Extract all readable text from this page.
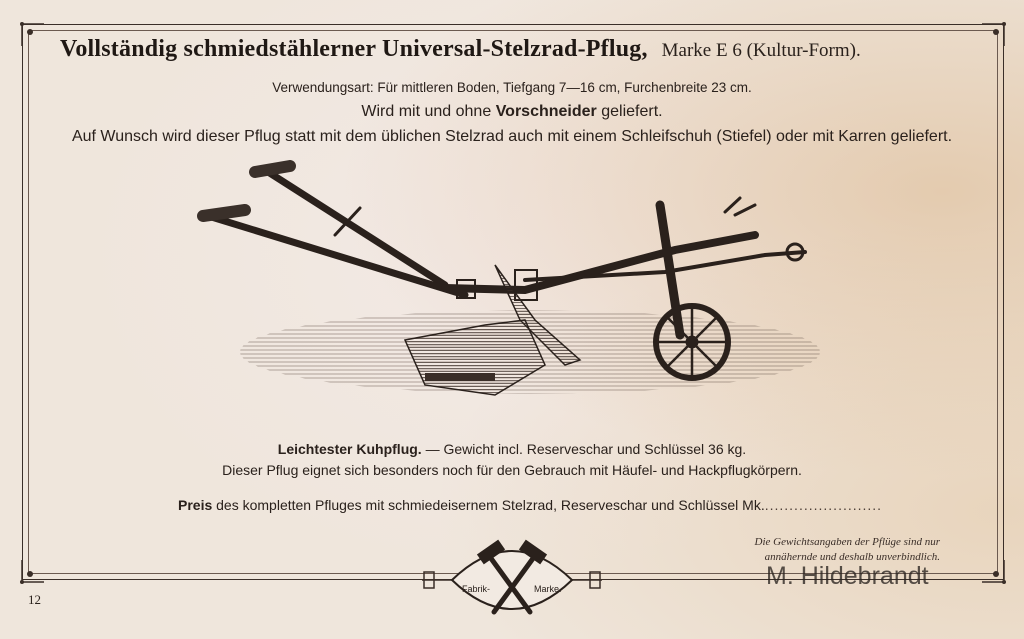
Vollständig schmiedstählerner Universal-Stelzrad-Pflug, Marke E 6 (Kultur-Form).
Verwendungsart: Für mittleren Boden, Tiefgang 7—16 cm, Furchenbreite 23 cm.
Wird mit und ohne Vorschneider geliefert.
Auf Wunsch wird dieser Pflug statt mit dem üblichen Stelzrad auch mit einem Schleifschuh (Stiefel) oder mit Karren geliefert.
Leichtester Kuhpflug. — Gewicht incl. Reserveschar und Schlüssel 36 kg.
Dieser Pflug eignet sich besonders noch für den Gebrauch mit Häufel- und Hackpflugkörpern.
Preis des kompletten Pfluges mit schmiedeisernem Stelzrad, Reserveschar und Schlüssel Mk.........................
Die Gewichtsangaben der Pflüge sind nur
annähernde und deshalb unverbindlich.
Fabrik-	Marke.
12
M. Hildebrandt
